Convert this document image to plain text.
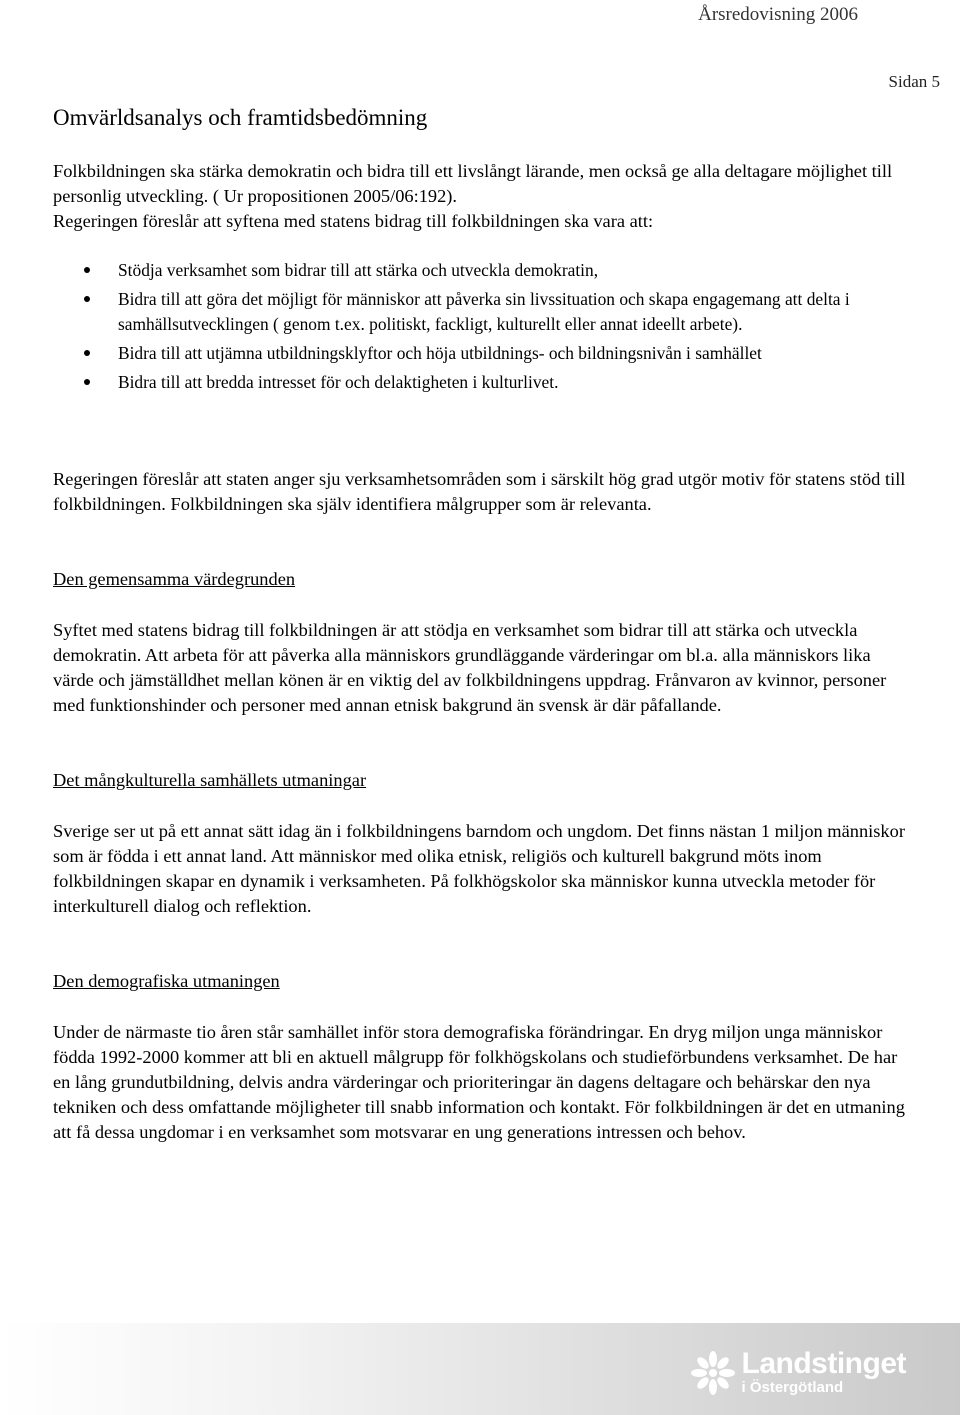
Årsredovisning 2006
Sidan 5
Omvärldsanalys och framtidsbedömning

Folkbildningen ska stärka demokratin och bidra till ett livslångt lärande, men också ge alla deltagare möjlighet till personlig utveckling. ( Ur propositionen 2005/06:192).

Regeringen föreslår att syftena med statens bidrag till folkbildningen ska vara att:

Stödja verksamhet som bidrar till att stärka och utveckla demokratin,
Bidra till att göra det möjligt för människor att påverka sin livssituation och skapa engagemang att delta i samhällsutvecklingen ( genom t.ex. politiskt, fackligt, kulturellt eller annat ideellt arbete).
Bidra till att utjämna utbildningsklyftor och höja utbildnings- och bildningsnivån i samhället
Bidra till att bredda intresset för och delaktigheten i kulturlivet.

Regeringen föreslår att staten anger sju verksamhetsområden som i särskilt hög grad utgör motiv för statens stöd till folkbildningen. Folkbildningen ska själv identifiera målgrupper som är relevanta.

Den gemensamma värdegrunden

Syftet med statens bidrag till folkbildningen är att stödja en verksamhet som bidrar till att stärka och utveckla demokratin. Att arbeta för att påverka alla människors grundläggande värderingar om bl.a. alla människors lika värde och jämställdhet mellan könen är en viktig del av folkbildningens uppdrag. Frånvaron av kvinnor, personer med funktionshinder och personer med annan etnisk bakgrund än svensk är där påfallande.

Det mångkulturella samhällets utmaningar

Sverige ser ut på ett annat sätt idag än i folkbildningens barndom och ungdom. Det finns nästan 1 miljon människor som är födda i ett annat land. Att människor med olika etnisk, religiös och kulturell bakgrund möts inom folkbildningen skapar en dynamik i verksamheten. På folkhögskolor ska människor kunna utveckla metoder för interkulturell dialog och reflektion.

Den demografiska utmaningen

Under de närmaste tio åren står samhället inför stora demografiska förändringar. En dryg miljon unga människor födda 1992-2000 kommer att bli en aktuell målgrupp för folkhögskolans och studieförbundens verksamhet. De har en lång grundutbildning, delvis andra värderingar och prioriteringar än dagens deltagare och behärskar den nya tekniken och dess omfattande möjligheter till snabb information och kontakt. För folkbildningen är det en utmaning att få dessa ungdomar i en verksamhet som motsvarar en ung generations intressen och behov.

Landstinget
i Östergötland
